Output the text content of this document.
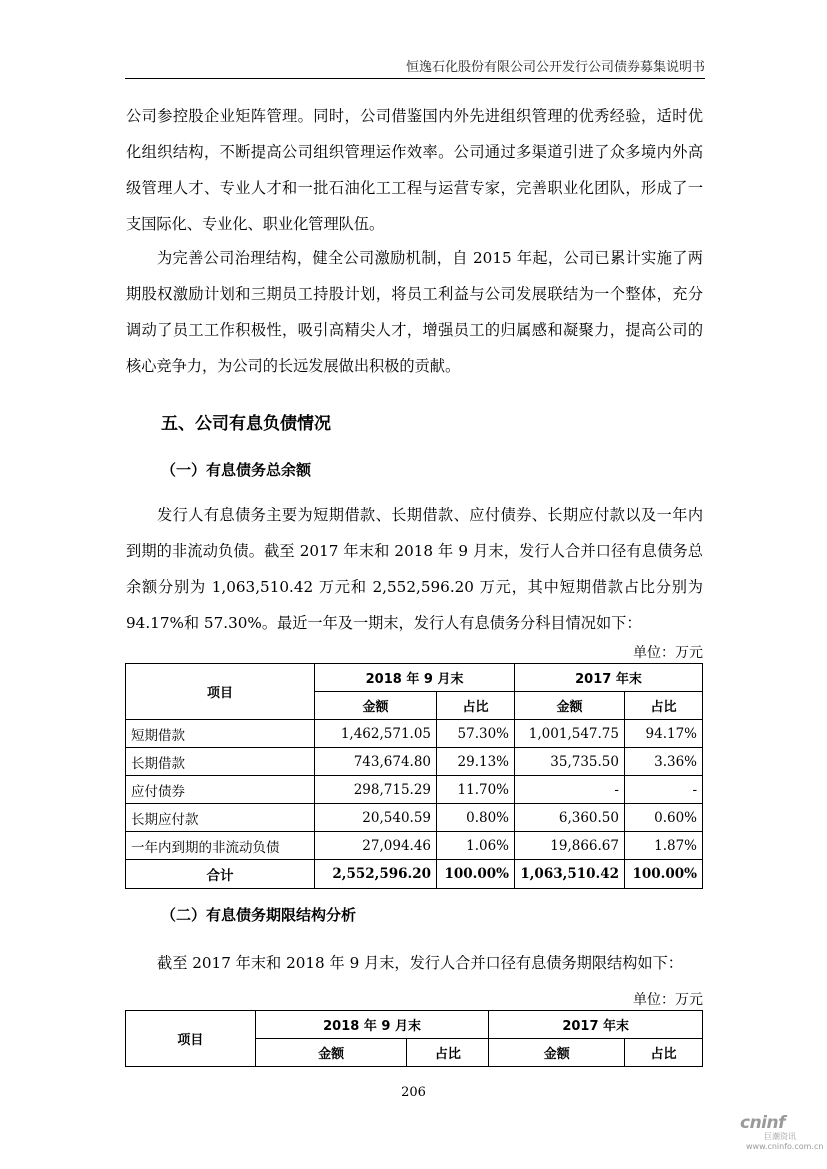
恒逸石化股份有限公司公开发行公司债券募集说明书

公司参控股企业矩阵管理。同时，公司借鉴国内外先进组织管理的优秀经验，适时优化组织结构，不断提高公司组织管理运作效率。公司通过多渠道引进了众多境内外高级管理人才、专业人才和一批石油化工工程与运营专家，完善职业化团队，形成了一支国际化、专业化、职业化管理队伍。

为完善公司治理结构，健全公司激励机制，自 2015 年起，公司已累计实施了两期股权激励计划和三期员工持股计划，将员工利益与公司发展联结为一个整体，充分调动了员工工作积极性，吸引高精尖人才，增强员工的归属感和凝聚力，提高公司的核心竞争力，为公司的长远发展做出积极的贡献。

五、公司有息负债情况
（一）有息债务总余额

发行人有息债务主要为短期借款、长期借款、应付债券、长期应付款以及一年内到期的非流动负债。截至 2017 年末和 2018 年 9 月末，发行人合并口径有息债务总余额分别为 1,063,510.42 万元和 2,552,596.20 万元，其中短期借款占比分别为 94.17%和 57.30%。最近一年及一期末，发行人有息债务分科目情况如下：

单位：万元
项目	2018 年 9 月末		2017 年末	
	金额	占比	金额	占比
短期借款	1,462,571.05	57.30%	1,001,547.75	94.17%
长期借款	743,674.80	29.13%	35,735.50	3.36%
应付债券	298,715.29	11.70%	-	-
长期应付款	20,540.59	0.80%	6,360.50	0.60%
一年内到期的非流动负债	27,094.46	1.06%	19,866.67	1.87%
合计	2,552,596.20	100.00%	1,063,510.42	100.00%
（二）有息债务期限结构分析

截至 2017 年末和 2018 年 9 月末，发行人合并口径有息债务期限结构如下：

单位：万元
项目	2018 年 9 月末		2017 年末	
	金额	占比	金额	占比
206
cninf
巨潮资讯
www.cninfo.com.cn
